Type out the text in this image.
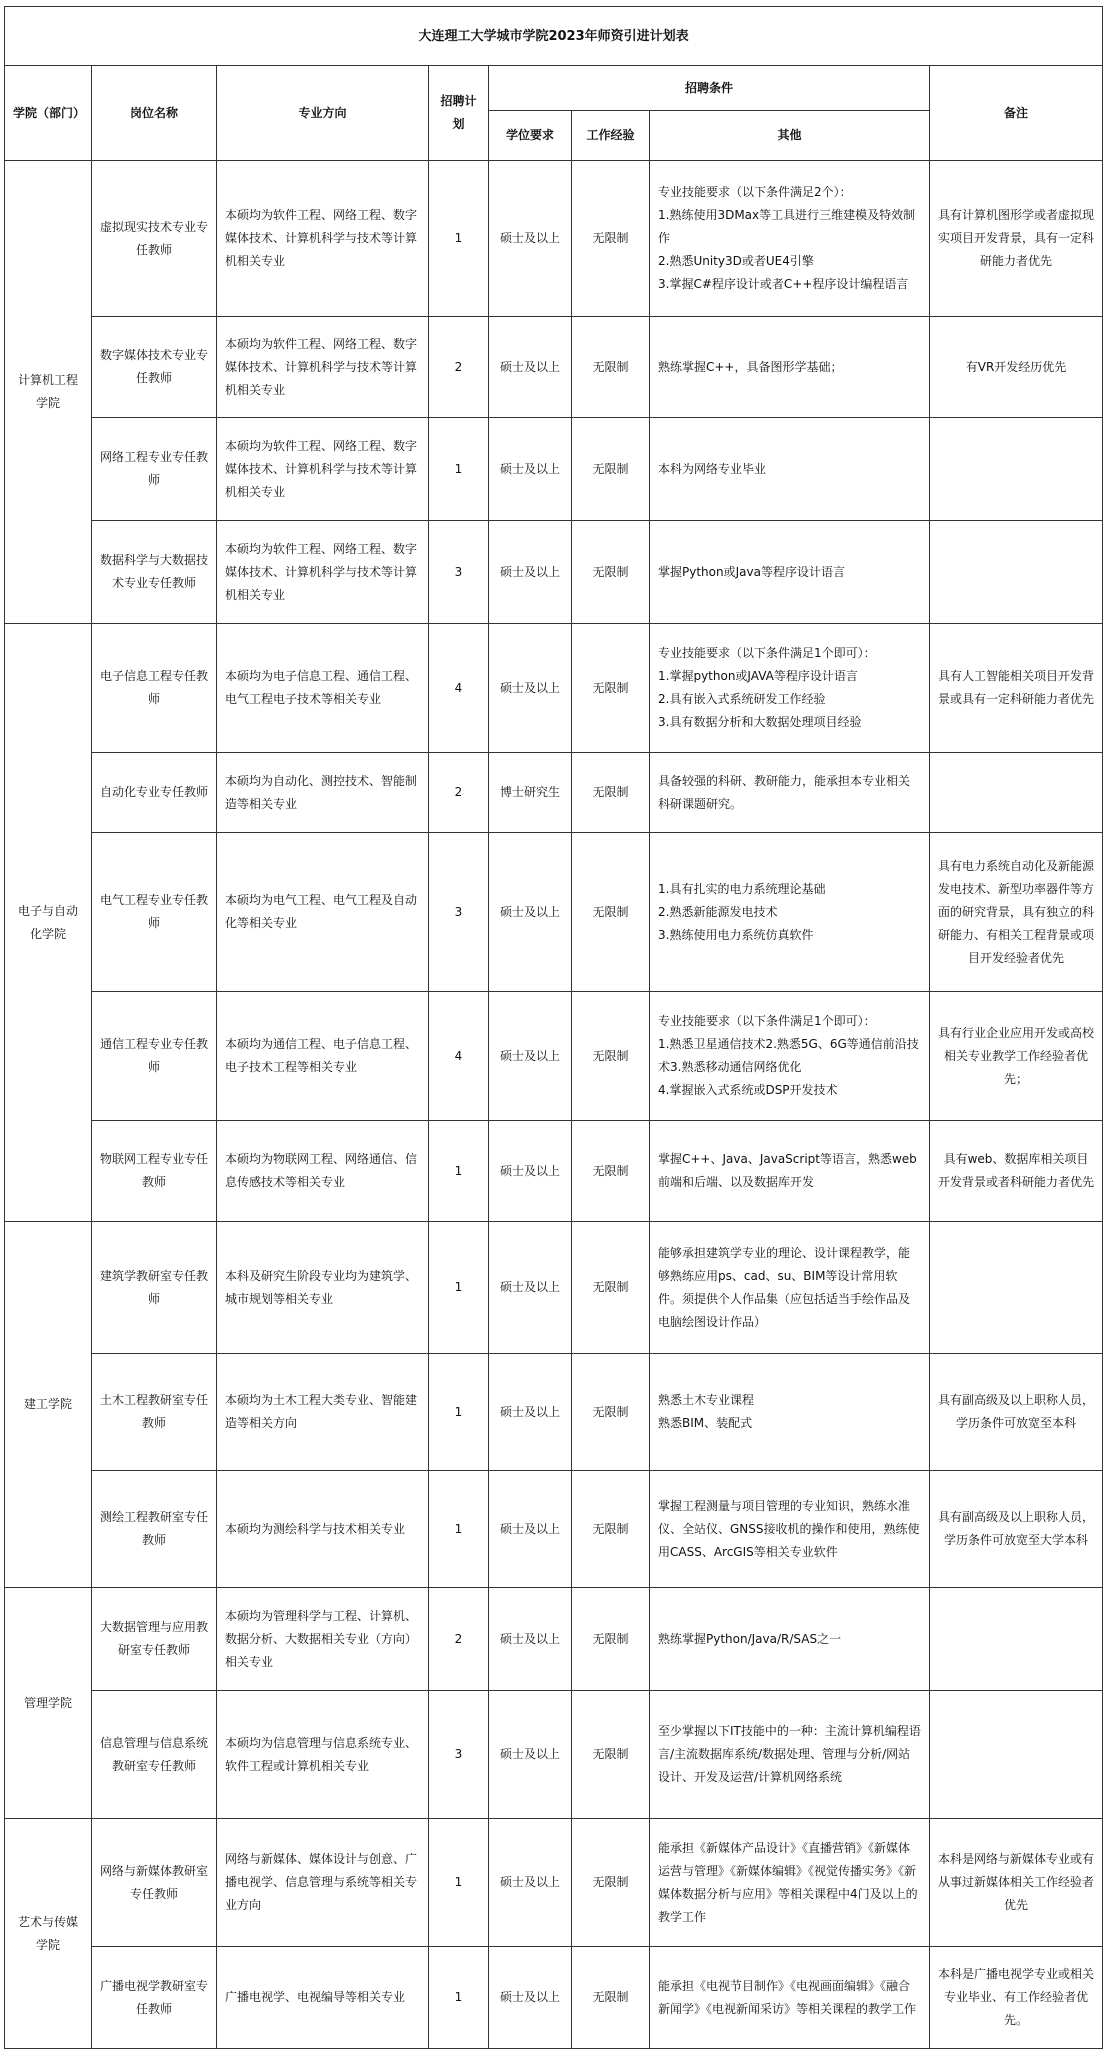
大连理工大学城市学院2023年师资引进计划表							
学院（部门）	岗位名称	专业方向	招聘计划	招聘条件			备注
				学位要求	工作经验	其他	
计算机工程学院	虚拟现实技术专业专任教师	本硕均为软件工程、网络工程、数字媒体技术、计算机科学与技术等计算机相关专业	1	硕士及以上	无限制	专业技能要求（以下条件满足2个）：
1.熟练使用3DMax等工具进行三维建模及特效制作
2.熟悉Unity3D或者UE4引擎
3.掌握C#程序设计或者C++程序设计编程语言	具有计算机图形学或者虚拟现实项目开发背景，具有一定科研能力者优先
	数字媒体技术专业专任教师	本硕均为软件工程、网络工程、数字媒体技术、计算机科学与技术等计算机相关专业	2	硕士及以上	无限制	熟练掌握C++，具备图形学基础；	有VR开发经历优先
	网络工程专业专任教师	本硕均为软件工程、网络工程、数字媒体技术、计算机科学与技术等计算机相关专业	1	硕士及以上	无限制	本科为网络专业毕业	

	数据科学与大数据技术专业专任教师	本硕均为软件工程、网络工程、数字媒体技术、计算机科学与技术等计算机相关专业	3	硕士及以上	无限制	掌握Python或Java等程序设计语言	

电子与自动化学院	电子信息工程专任教师	本硕均为电子信息工程、通信工程、电气工程电子技术等相关专业	4	硕士及以上	无限制	专业技能要求（以下条件满足1个即可）：
1.掌握python或JAVA等程序设计语言
2.具有嵌入式系统研发工作经验
3.具有数据分析和大数据处理项目经验	具有人工智能相关项目开发背景或具有一定科研能力者优先
	自动化专业专任教师	本硕均为自动化、测控技术、智能制造等相关专业	2	博士研究生	无限制	具备较强的科研、教研能力，能承担本专业相关科研课题研究。	

	电气工程专业专任教师	本硕均为电气工程、电气工程及自动化等相关专业	3	硕士及以上	无限制	1.具有扎实的电力系统理论基础
2.熟悉新能源发电技术
3.熟练使用电力系统仿真软件	具有电力系统自动化及新能源发电技术、新型功率器件等方面的研究背景，具有独立的科研能力、有相关工程背景或项目开发经验者优先
	通信工程专业专任教师	本硕均为通信工程、电子信息工程、电子技术工程等相关专业	4	硕士及以上	无限制	专业技能要求（以下条件满足1个即可）：
1.熟悉卫星通信技术2.熟悉5G、6G等通信前沿技术3.熟悉移动通信网络优化
4.掌握嵌入式系统或DSP开发技术	具有行业企业应用开发或高校相关专业教学工作经验者优先；
	物联网工程专业专任教师	本硕均为物联网工程、网络通信、信息传感技术等相关专业	1	硕士及以上	无限制	掌握C++、Java、JavaScript等语言，熟悉web前端和后端、以及数据库开发	具有web、数据库相关项目开发背景或者科研能力者优先
建工学院	建筑学教研室专任教师	本科及研究生阶段专业均为建筑学、城市规划等相关专业	1	硕士及以上	无限制	能够承担建筑学专业的理论、设计课程教学，能够熟练应用ps、cad、su、BIM等设计常用软件。须提供个人作品集（应包括适当手绘作品及电脑绘图设计作品）	

	土木工程教研室专任教师	本硕均为土木工程大类专业、智能建造等相关方向	1	硕士及以上	无限制	熟悉土木专业课程
熟悉BIM、装配式	具有副高级及以上职称人员，学历条件可放宽至本科
	测绘工程教研室专任教师	本硕均为测绘科学与技术相关专业	1	硕士及以上	无限制	掌握工程测量与项目管理的专业知识，熟练水准仪、全站仪、GNSS接收机的操作和使用，熟练使用CASS、ArcGIS等相关专业软件	具有副高级及以上职称人员，学历条件可放宽至大学本科
管理学院	大数据管理与应用教研室专任教师	本硕均为管理科学与工程、计算机、数据分析、大数据相关专业（方向）相关专业	2	硕士及以上	无限制	熟练掌握Python/Java/R/SAS之一	

	信息管理与信息系统教研室专任教师	本硕均为信息管理与信息系统专业、软件工程或计算机相关专业	3	硕士及以上	无限制	至少掌握以下IT技能中的一种：主流计算机编程语言/主流数据库系统/数据处理、管理与分析/网站设计、开发及运营/计算机网络系统	

艺术与传媒学院	网络与新媒体教研室专任教师	网络与新媒体、媒体设计与创意、广播电视学、信息管理与系统等相关专业方向	1	硕士及以上	无限制	能承担《新媒体产品设计》《直播营销》《新媒体运营与管理》《新媒体编辑》《视觉传播实务》《新媒体数据分析与应用》等相关课程中4门及以上的教学工作	本科是网络与新媒体专业或有从事过新媒体相关工作经验者优先
	广播电视学教研室专任教师	广播电视学、电视编导等相关专业	1	硕士及以上	无限制	能承担《电视节目制作》《电视画面编辑》《融合新闻学》《电视新闻采访》等相关课程的教学工作	本科是广播电视学专业或相关专业毕业、有工作经验者优先。
